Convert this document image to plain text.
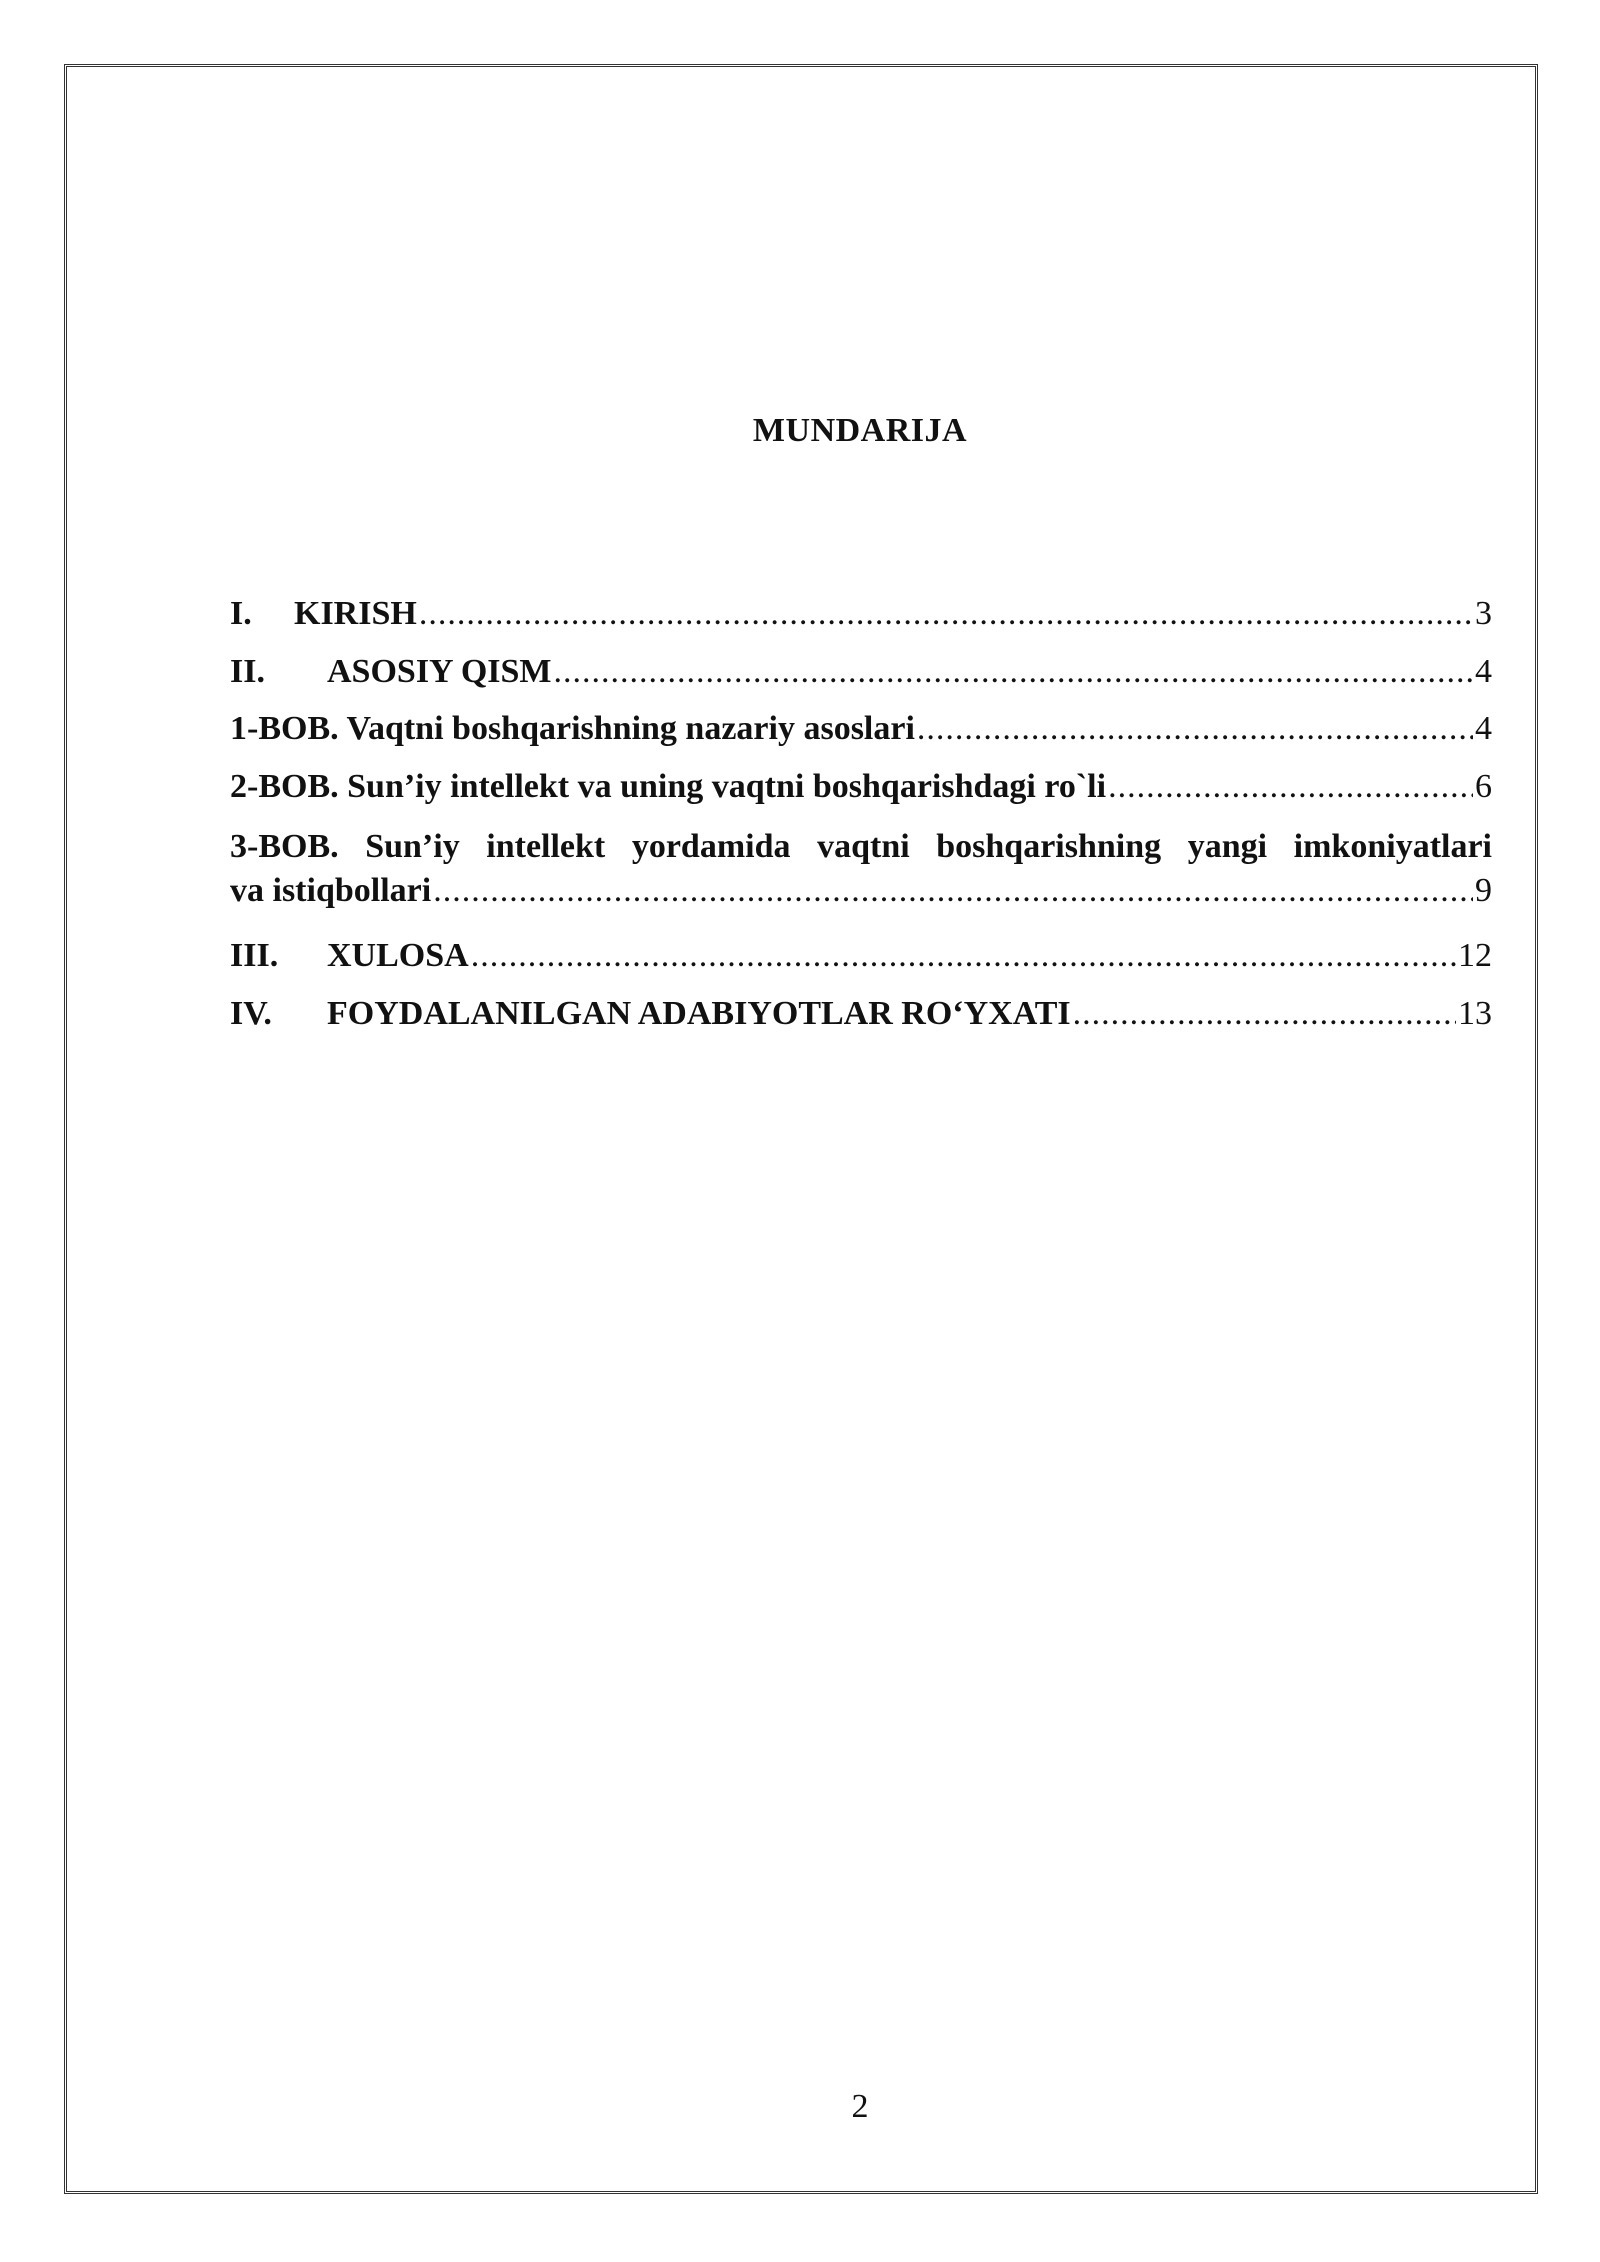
MUNDARIJA
I.	KIRISH .....	3
II.	ASOSIY QISM .....	4
1-BOB. Vaqtni boshqarishning nazariy asoslari .....	4
2-BOB. Sun’iy intellekt va uning vaqtni boshqarishdagi ro`li .....	6
3-BOB. Sun’iy intellekt yordamida vaqtni boshqarishning yangi imkoniyatlari
va istiqbollari .....	9
III.	XULOSA .....	12
IV.	FOYDALANILGAN ADABIYOTLAR RO‘YXATI .....	13
2
